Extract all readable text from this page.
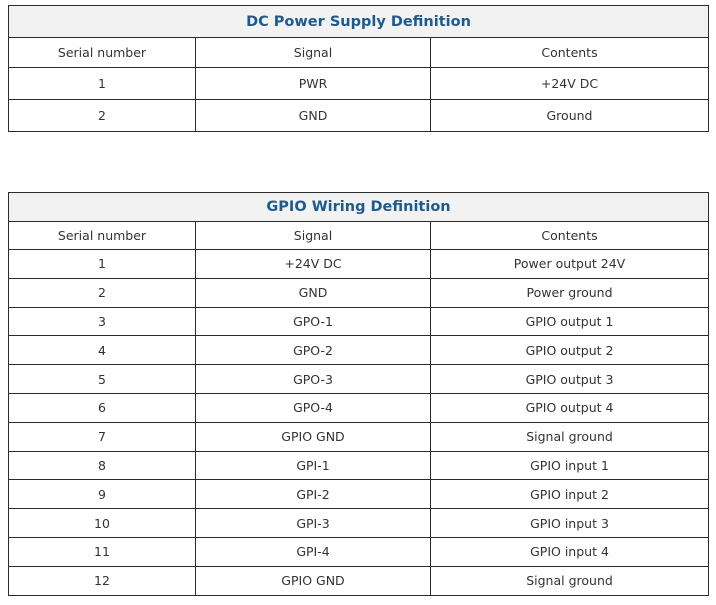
DC Power Supply Definition		
Serial number	Signal	Contents
1	PWR	+24V DC
2	GND	Ground
GPIO Wiring Definition		
Serial number	Signal	Contents
1	+24V DC	Power output 24V
2	GND	Power ground
3	GPO-1	GPIO output 1
4	GPO-2	GPIO output 2
5	GPO-3	GPIO output 3
6	GPO-4	GPIO output 4
7	GPIO GND	Signal ground
8	GPI-1	GPIO input 1
9	GPI-2	GPIO input 2
10	GPI-3	GPIO input 3
11	GPI-4	GPIO input 4
12	GPIO GND	Signal ground
